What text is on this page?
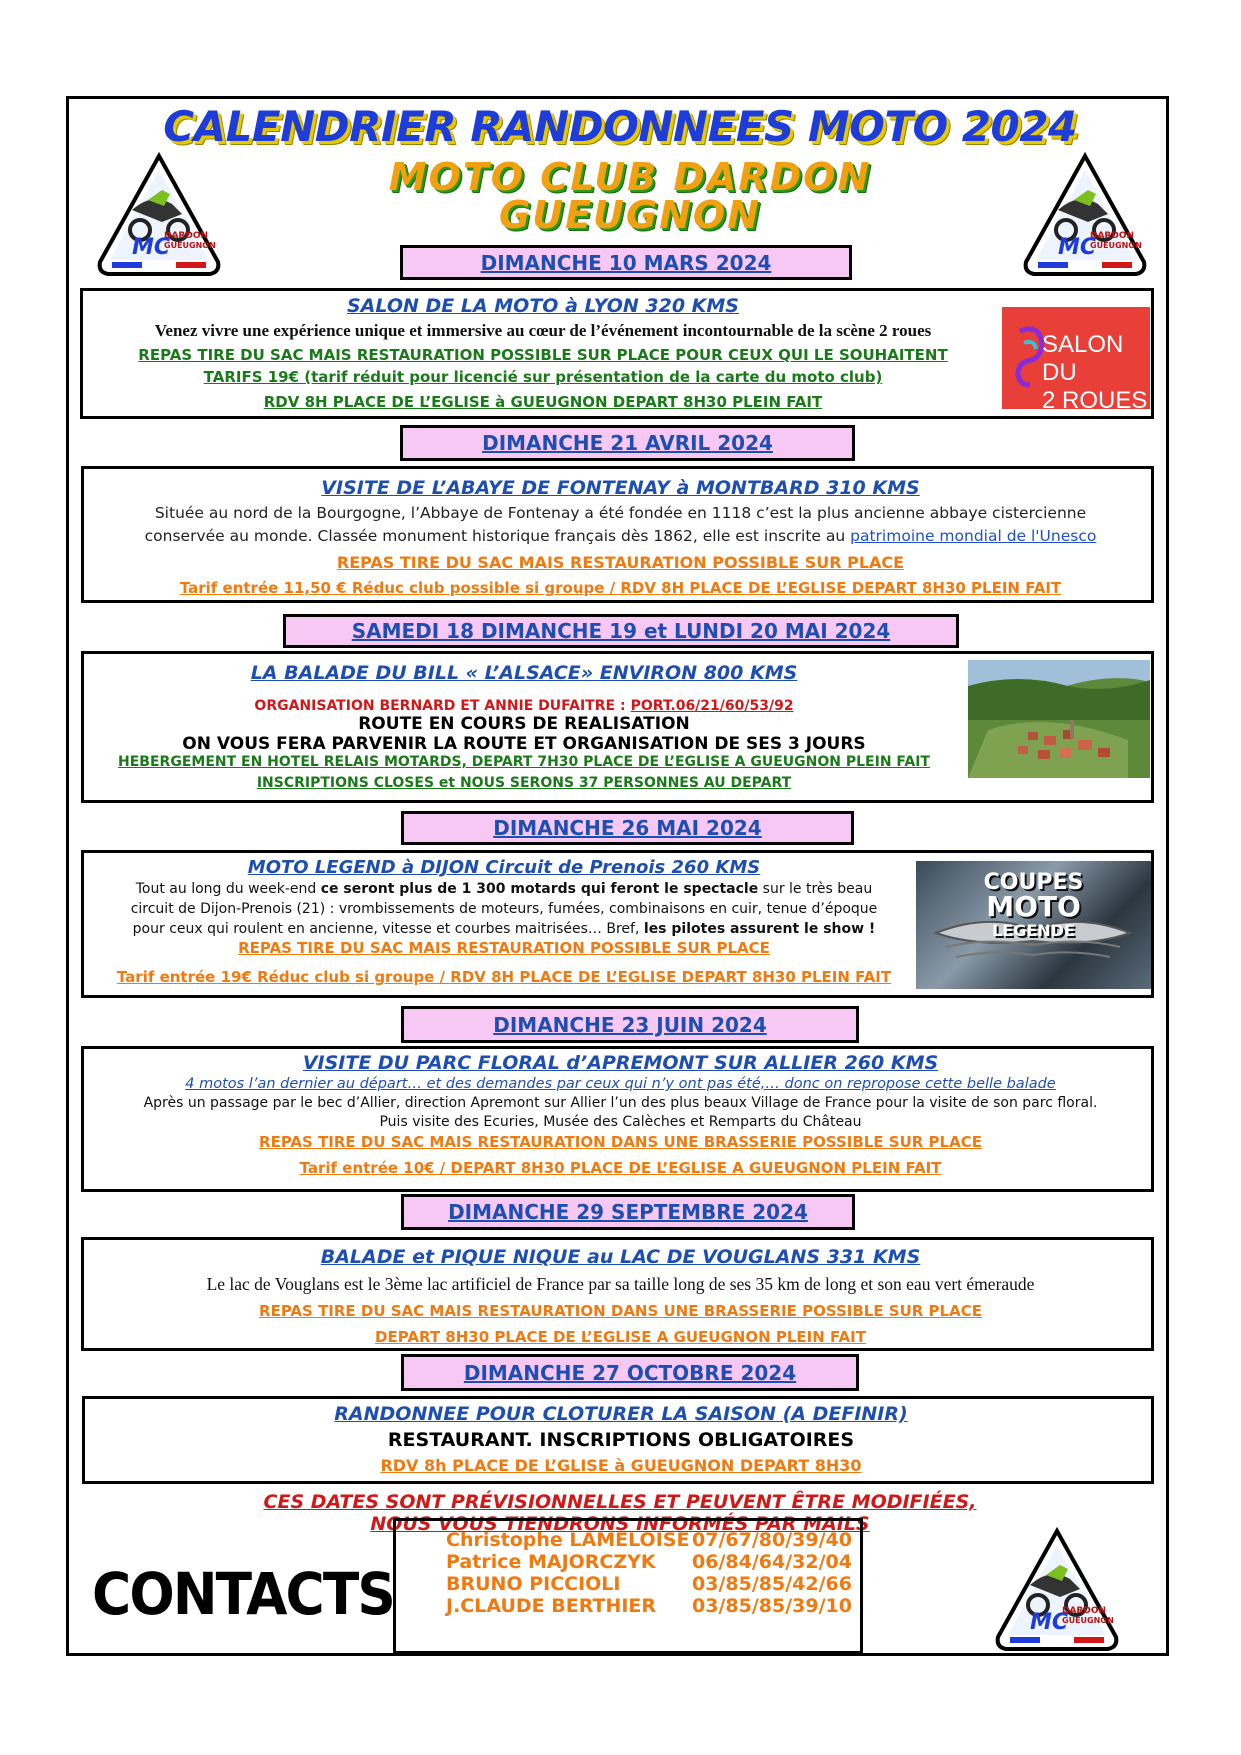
CALENDRIER RANDONNEES MOTO 2024
MOTO CLUB DARDON
GUEUGNON
MC
DARDON
GUEUGNON	MC
DARDON
GUEUGNON
DIMANCHE 10 MARS 2024
SALON DE LA MOTO à LYON 320 KMS
Venez vivre une expérience unique et immersive au cœur de l’événement incontournable de la scène 2 roues
REPAS TIRE DU SAC MAIS RESTAURATION POSSIBLE SUR PLACE POUR CEUX QUI LE SOUHAITENT
TARIFS 19€ (tarif réduit pour licencié sur présentation de la carte du moto club)
RDV 8H PLACE DE L’EGLISE à GUEUGNON DEPART 8H30 PLEIN FAIT
SALON DU
2 ROUES
DIMANCHE 21 AVRIL 2024
VISITE DE L’ABAYE DE FONTENAY à MONTBARD 310 KMS
Située au nord de la Bourgogne, l’Abbaye de Fontenay a été fondée en 1118 c’est la plus ancienne abbaye cistercienne
conservée au monde. Classée monument historique français dès 1862, elle est inscrite au patrimoine mondial de l'Unesco
REPAS TIRE DU SAC MAIS RESTAURATION POSSIBLE SUR PLACE
Tarif entrée 11,50 € Réduc club possible si groupe / RDV 8H PLACE DE L’EGLISE DEPART 8H30 PLEIN FAIT
SAMEDI 18 DIMANCHE 19 et LUNDI 20 MAI 2024
LA BALADE DU BILL « L’ALSACE» ENVIRON 800 KMS
ORGANISATION BERNARD ET ANNIE DUFAITRE : PORT.06/21/60/53/92
ROUTE EN COURS DE REALISATION
ON VOUS FERA PARVENIR LA ROUTE ET ORGANISATION DE SES 3 JOURS
HEBERGEMENT EN HOTEL RELAIS MOTARDS, DEPART 7H30 PLACE DE L’EGLISE A GUEUGNON PLEIN FAIT
INSCRIPTIONS CLOSES et NOUS SERONS 37 PERSONNES AU DEPART
DIMANCHE 26 MAI 2024
MOTO LEGEND à DIJON Circuit de Prenois 260 KMS
Tout au long du week-end ce seront plus de 1 300 motards qui feront le spectacle sur le très beau
circuit de Dijon-Prenois (21) : vrombissements de moteurs, fumées, combinaisons en cuir, tenue d’époque
pour ceux qui roulent en ancienne, vitesse et courbes maitrisées… Bref, les pilotes assurent le show !
REPAS TIRE DU SAC MAIS RESTAURATION POSSIBLE SUR PLACE
Tarif entrée 19€ Réduc club si groupe / RDV 8H PLACE DE L’EGLISE DEPART 8H30 PLEIN FAIT
COUPES
MOTO
LEGENDE
DIMANCHE 23 JUIN 2024
VISITE DU PARC FLORAL d’APREMONT SUR ALLIER 260 KMS
4 motos l’an dernier au départ… et des demandes par ceux qui n’y ont pas été,… donc on repropose cette belle balade
Après un passage par le bec d’Allier, direction Apremont sur Allier l’un des plus beaux Village de France pour la visite de son parc floral.
Puis visite des Ecuries, Musée des Calèches et Remparts du Château
REPAS TIRE DU SAC MAIS RESTAURATION DANS UNE BRASSERIE POSSIBLE SUR PLACE
Tarif entrée 10€ / DEPART 8H30 PLACE DE L’EGLISE A GUEUGNON PLEIN FAIT
DIMANCHE 29 SEPTEMBRE 2024
BALADE et PIQUE NIQUE au LAC DE VOUGLANS 331 KMS
Le lac de Vouglans est le 3ème lac artificiel de France par sa taille long de ses 35 km de long et son eau vert émeraude
REPAS TIRE DU SAC MAIS RESTAURATION DANS UNE BRASSERIE POSSIBLE SUR PLACE
DEPART 8H30 PLACE DE L’EGLISE A GUEUGNON PLEIN FAIT
DIMANCHE 27 OCTOBRE 2024
RANDONNEE POUR CLOTURER LA SAISON (A DEFINIR)
RESTAURANT. INSCRIPTIONS OBLIGATOIRES
RDV 8h PLACE DE L’GLISE à GUEUGNON DEPART 8H30
CES DATES SONT PRÉVISIONNELLES ET PEUVENT ÊTRE MODIFIÉES,
NOUS VOUS TIENDRONS INFORMÉS PAR MAILS
CONTACTS
Christophe LAMELOISE 07/67/80/39/40
Patrice MAJORCZYK 06/84/64/32/04
BRUNO PICCIOLI	03/85/85/42/66
J.CLAUDE BERTHIER 03/85/85/39/10
MC
DARDON
GUEUGNON
